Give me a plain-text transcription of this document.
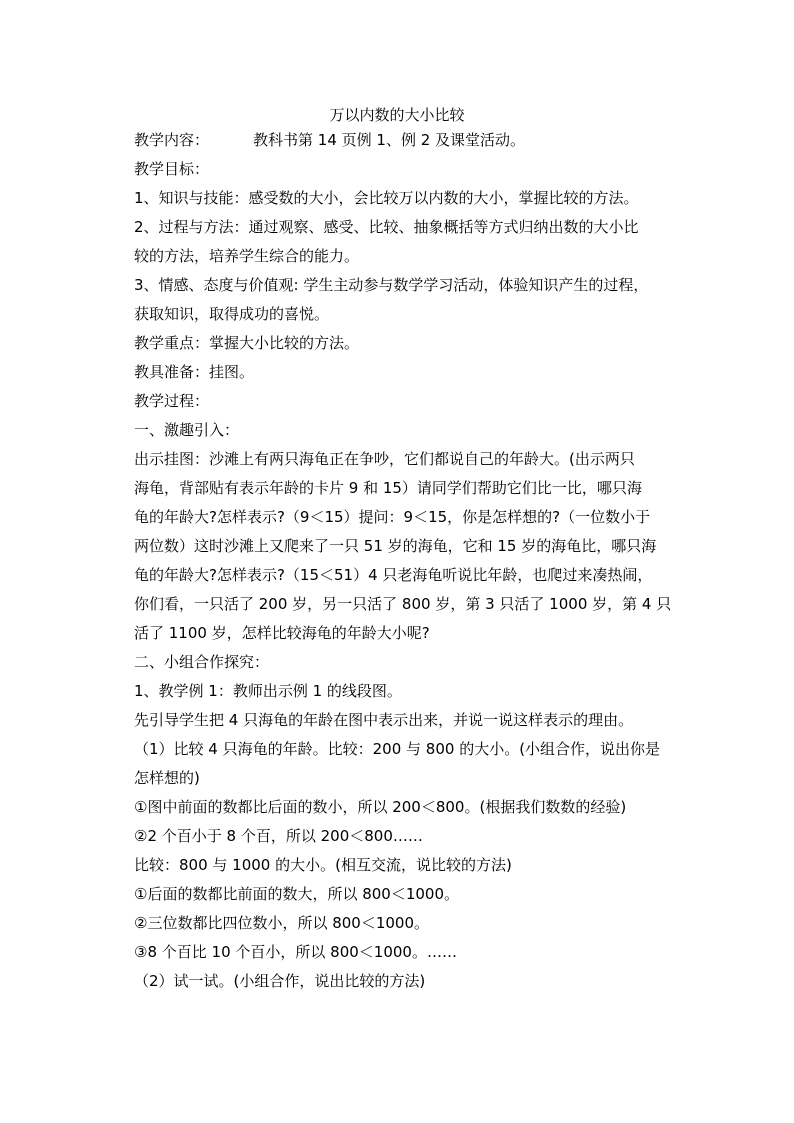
万以内数的大小比较
教学内容：	教科书第 14 页例 1、例 2 及课堂活动。
教学目标：
1、知识与技能：感受数的大小，会比较万以内数的大小，掌握比较的方法。
2、过程与方法：通过观察、感受、比较、抽象概括等方式归纳出数的大小比
较的方法，培养学生综合的能力。
3、情感、态度与价值观: 学生主动参与数学学习活动，体验知识产生的过程，
获取知识，取得成功的喜悦。
教学重点：掌握大小比较的方法。
教具准备：挂图。
教学过程：
一、激趣引入：
出示挂图：沙滩上有两只海龟正在争吵，它们都说自己的年龄大。(出示两只
海龟，背部贴有表示年龄的卡片 9 和 15）请同学们帮助它们比一比，哪只海
龟的年龄大?怎样表示?（9＜15）提问：9＜15，你是怎样想的?（一位数小于
两位数）这时沙滩上又爬来了一只 51 岁的海龟，它和 15 岁的海龟比，哪只海
龟的年龄大?怎样表示?（15＜51）4 只老海龟听说比年龄，也爬过来凑热闹，
你们看，一只活了 200 岁，另一只活了 800 岁，第 3 只活了 1000 岁，第 4 只
活了 1100 岁，怎样比较海龟的年龄大小呢?
二、小组合作探究：
1、教学例 1：教师出示例 1 的线段图。
先引导学生把 4 只海龟的年龄在图中表示出来，并说一说这样表示的理由。
（1）比较 4 只海龟的年龄。比较：200 与 800 的大小。(小组合作，说出你是
怎样想的)
①图中前面的数都比后面的数小，所以 200＜800。(根据我们数数的经验)
②2 个百小于 8 个百，所以 200＜800……
比较：800 与 1000 的大小。(相互交流，说比较的方法)
①后面的数都比前面的数大，所以 800＜1000。
②三位数都比四位数小，所以 800＜1000。
③8 个百比 10 个百小，所以 800＜1000。……
（2）试一试。(小组合作，说出比较的方法)
